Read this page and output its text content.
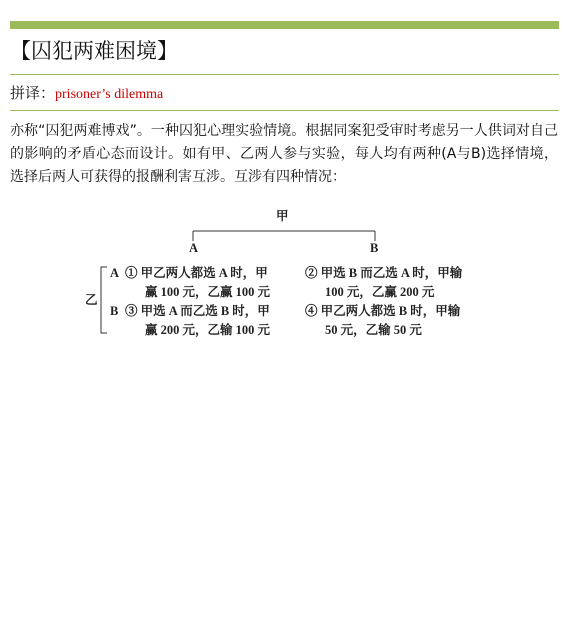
【囚犯两难困境】
拼译：prisoner’s dilemma
亦称“囚犯两难博戏”。一种囚犯心理实验情境。根据同案犯受审时考虑另一人供词对自己的影响的矛盾心态而设计。如有甲、乙两人参与实验，每人均有两种(A与B)选择情境，选择后两人可获得的报酬利害互涉。互涉有四种情况：
甲
A	B
乙
A
B
① 甲乙两人都选 A 时，甲
赢 100 元，乙赢 100 元
② 甲选 B 而乙选 A 时，甲输
100 元，乙赢 200 元
③ 甲选 A 而乙选 B 时，甲
赢 200 元，乙输 100 元
④ 甲乙两人都选 B 时，甲输
50 元，乙输 50 元
